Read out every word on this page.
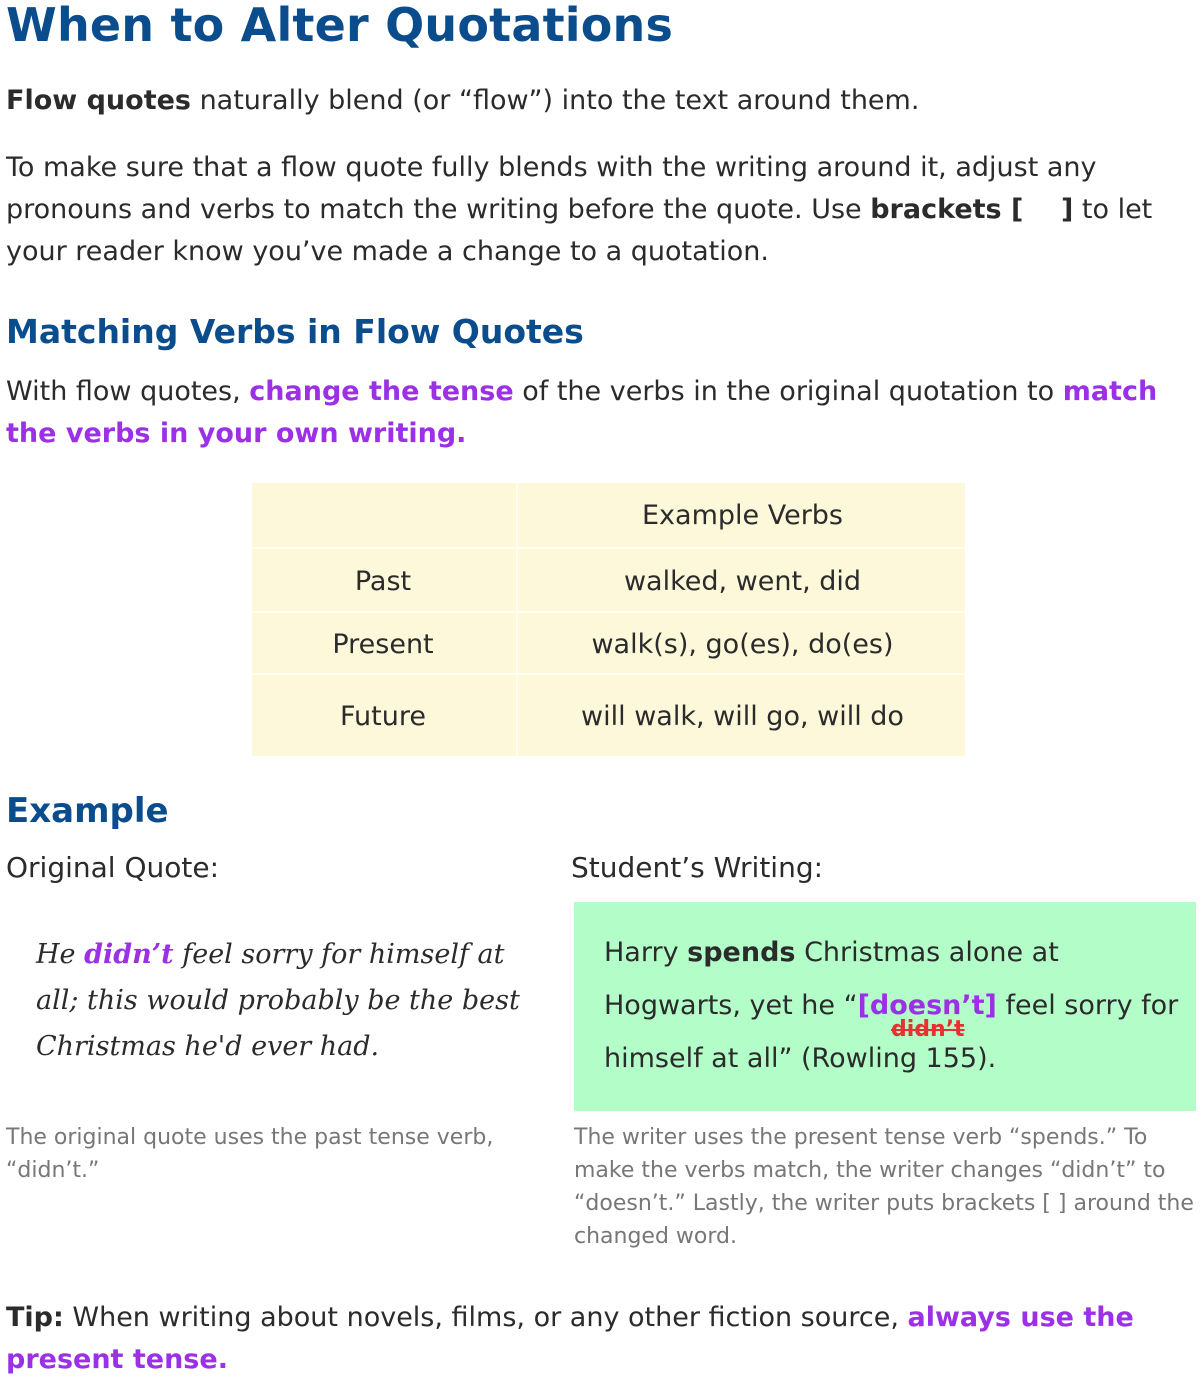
When to Alter Quotations

Flow quotes naturally blend (or “flow”) into the text around them.

To make sure that a flow quote fully blends with the writing around it, adjust any pronouns and verbs to match the writing before the quote. Use brackets [    ] to let your reader know you’ve made a change to a quotation.

Matching Verbs in Flow Quotes

With flow quotes, change the tense of the verbs in the original quotation to match the verbs in your own writing.

Example Verbs
Past	walked, went, did
Present	walk(s), go(es), do(es)
Future	will walk, will go, will do
Example
Original Quote:	Student’s Writing:
He didn’t feel sorry for himself at all; this would probably be the best Christmas he'd ever had.
Harry spends Christmas alone at Hogwarts, yet he “[doesn’t] feel sorry for himself at all” (Rowling 155).
didn’t
The original quote uses the past tense verb, “didn’t.”
The writer uses the present tense verb “spends.” To make the verbs match, the writer changes “didn’t” to “doesn’t.” Lastly, the writer puts brackets [ ] around the changed word.

Tip: When writing about novels, films, or any other fiction source, always use the present tense.
